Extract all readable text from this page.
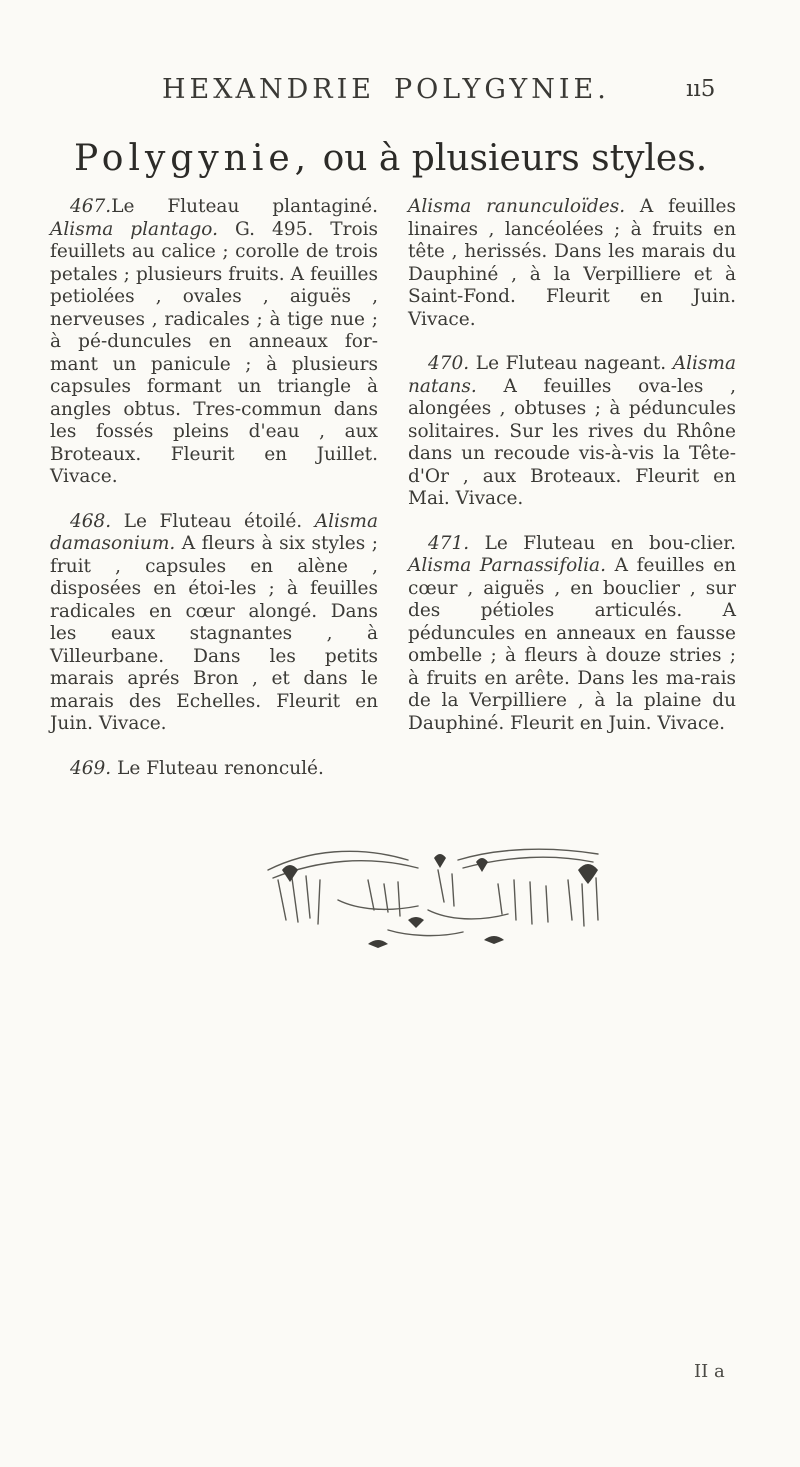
HEXANDRIE POLYGYNIE.	ıı5
Polygynie, ou à plusieurs styles.

467.Le Fluteau plantaginé. Alisma plantago. G. 495. Trois feuillets au calice ; corolle de trois petales ; plusieurs fruits. A feuilles petiolées , ovales , aiguës , nerveuses , radicales ; à tige nue ; à pé-duncules en anneaux for-mant un panicule ; à plusieurs capsules formant un triangle à angles obtus. Tres-commun dans les fossés pleins d'eau , aux Broteaux. Fleurit en Juillet. Vivace.

468. Le Fluteau étoilé. Alisma damasonium. A fleurs à six styles ; fruit , capsules en alène , disposées en étoi-les ; à feuilles radicales en cœur alongé. Dans les eaux stagnantes , à Villeurbane. Dans les petits marais aprés Bron , et dans le marais des Echelles. Fleurit en Juin. Vivace.

469. Le Fluteau renonculé.

Alisma ranunculoïdes. A feuilles linaires , lancéolées ; à fruits en tête , herissés. Dans les marais du Dauphiné , à la Verpilliere et à Saint-Fond. Fleurit en Juin. Vivace.

470. Le Fluteau nageant. Alisma natans. A feuilles ova-les , alongées , obtuses ; à péduncules solitaires. Sur les rives du Rhône dans un recoude vis-à-vis la Tête-d'Or , aux Broteaux. Fleurit en Mai. Vivace.

471. Le Fluteau en bou-clier. Alisma Parnassifolia. A feuilles en cœur , aiguës , en bouclier , sur des pétioles articulés. A péduncules en anneaux en fausse ombelle ; à fleurs à douze stries ; à fruits en arête. Dans les ma-rais de la Verpilliere , à la plaine du Dauphiné. Fleurit en Juin. Vivace.

II a
